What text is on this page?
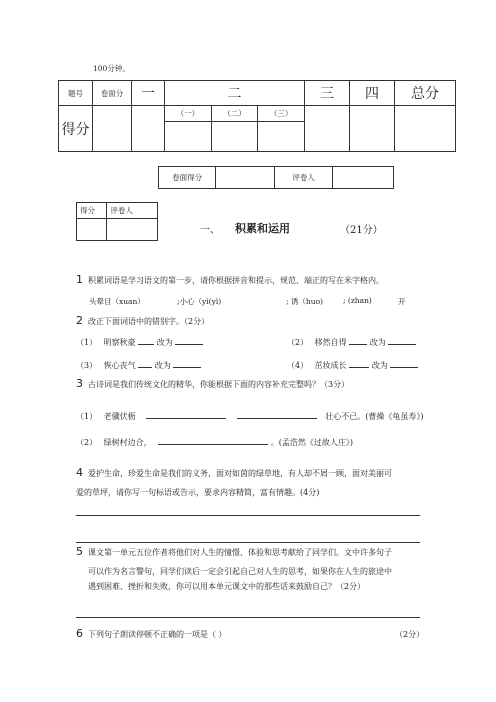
100分钟。
题号	卷面分	一	二			三	四	总分
得分			（一）	（二）	（三）			

卷面得分		评卷人	
得分	评卷人

一、 积累和运用	（21分）
1 积累词语是学习语文的第一步，请你根据拼音和提示，规范、端正的写在米字格内。
头晕目（xuan）	;小心（yì(yì)	; 诱（huo)	; (zhan)	开
2 改正下面词语中的错别字。（2分）
（1） 明察秋豪	改为	（2） 移然自得	改为
（3） 恢心丧气 改为	（4） 茁妆成长	改为
3 古诗词是我们传统文化的精华，你能根据下面的内容补充完整吗？（3分）
（1） 老骥伏枥	壮心不已。(曹操《龟虽寿》)
（2） 绿树村边合，	。(孟浩然《过故人庄》)
4 爱护生命，珍爱生命是我们的义务，面对如茵的绿草地，有人却不屑一顾，面对美丽可
爱的草坪，请你写一句标语或告示，要求内容精简，富有情趣。(4分)
5 课文第一单元五位作者将他们对人生的憧憬、体验和思考献给了同学们。文中许多句子
可以作为名言警句，同学们读后一定会引起自己对人生的思考，如果你在人生的旅途中
遇到困难、挫折和失败，你可以用本单元课文中的那些话来鼓励自己？（2分）
6 下列句子朗读停顿不正确的一项是（ ）	（2分）
